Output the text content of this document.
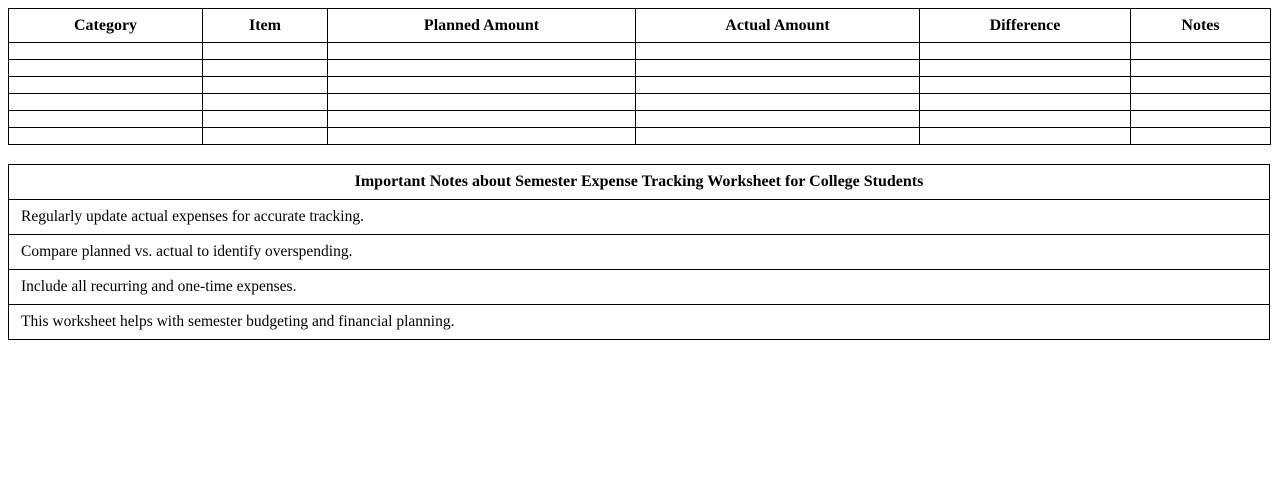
Category	Item	Planned Amount	Actual Amount	Difference	Notes

Important Notes about Semester Expense Tracking Worksheet for College Students
Regularly update actual expenses for accurate tracking.
Compare planned vs. actual to identify overspending.
Include all recurring and one-time expenses.
This worksheet helps with semester budgeting and financial planning.
